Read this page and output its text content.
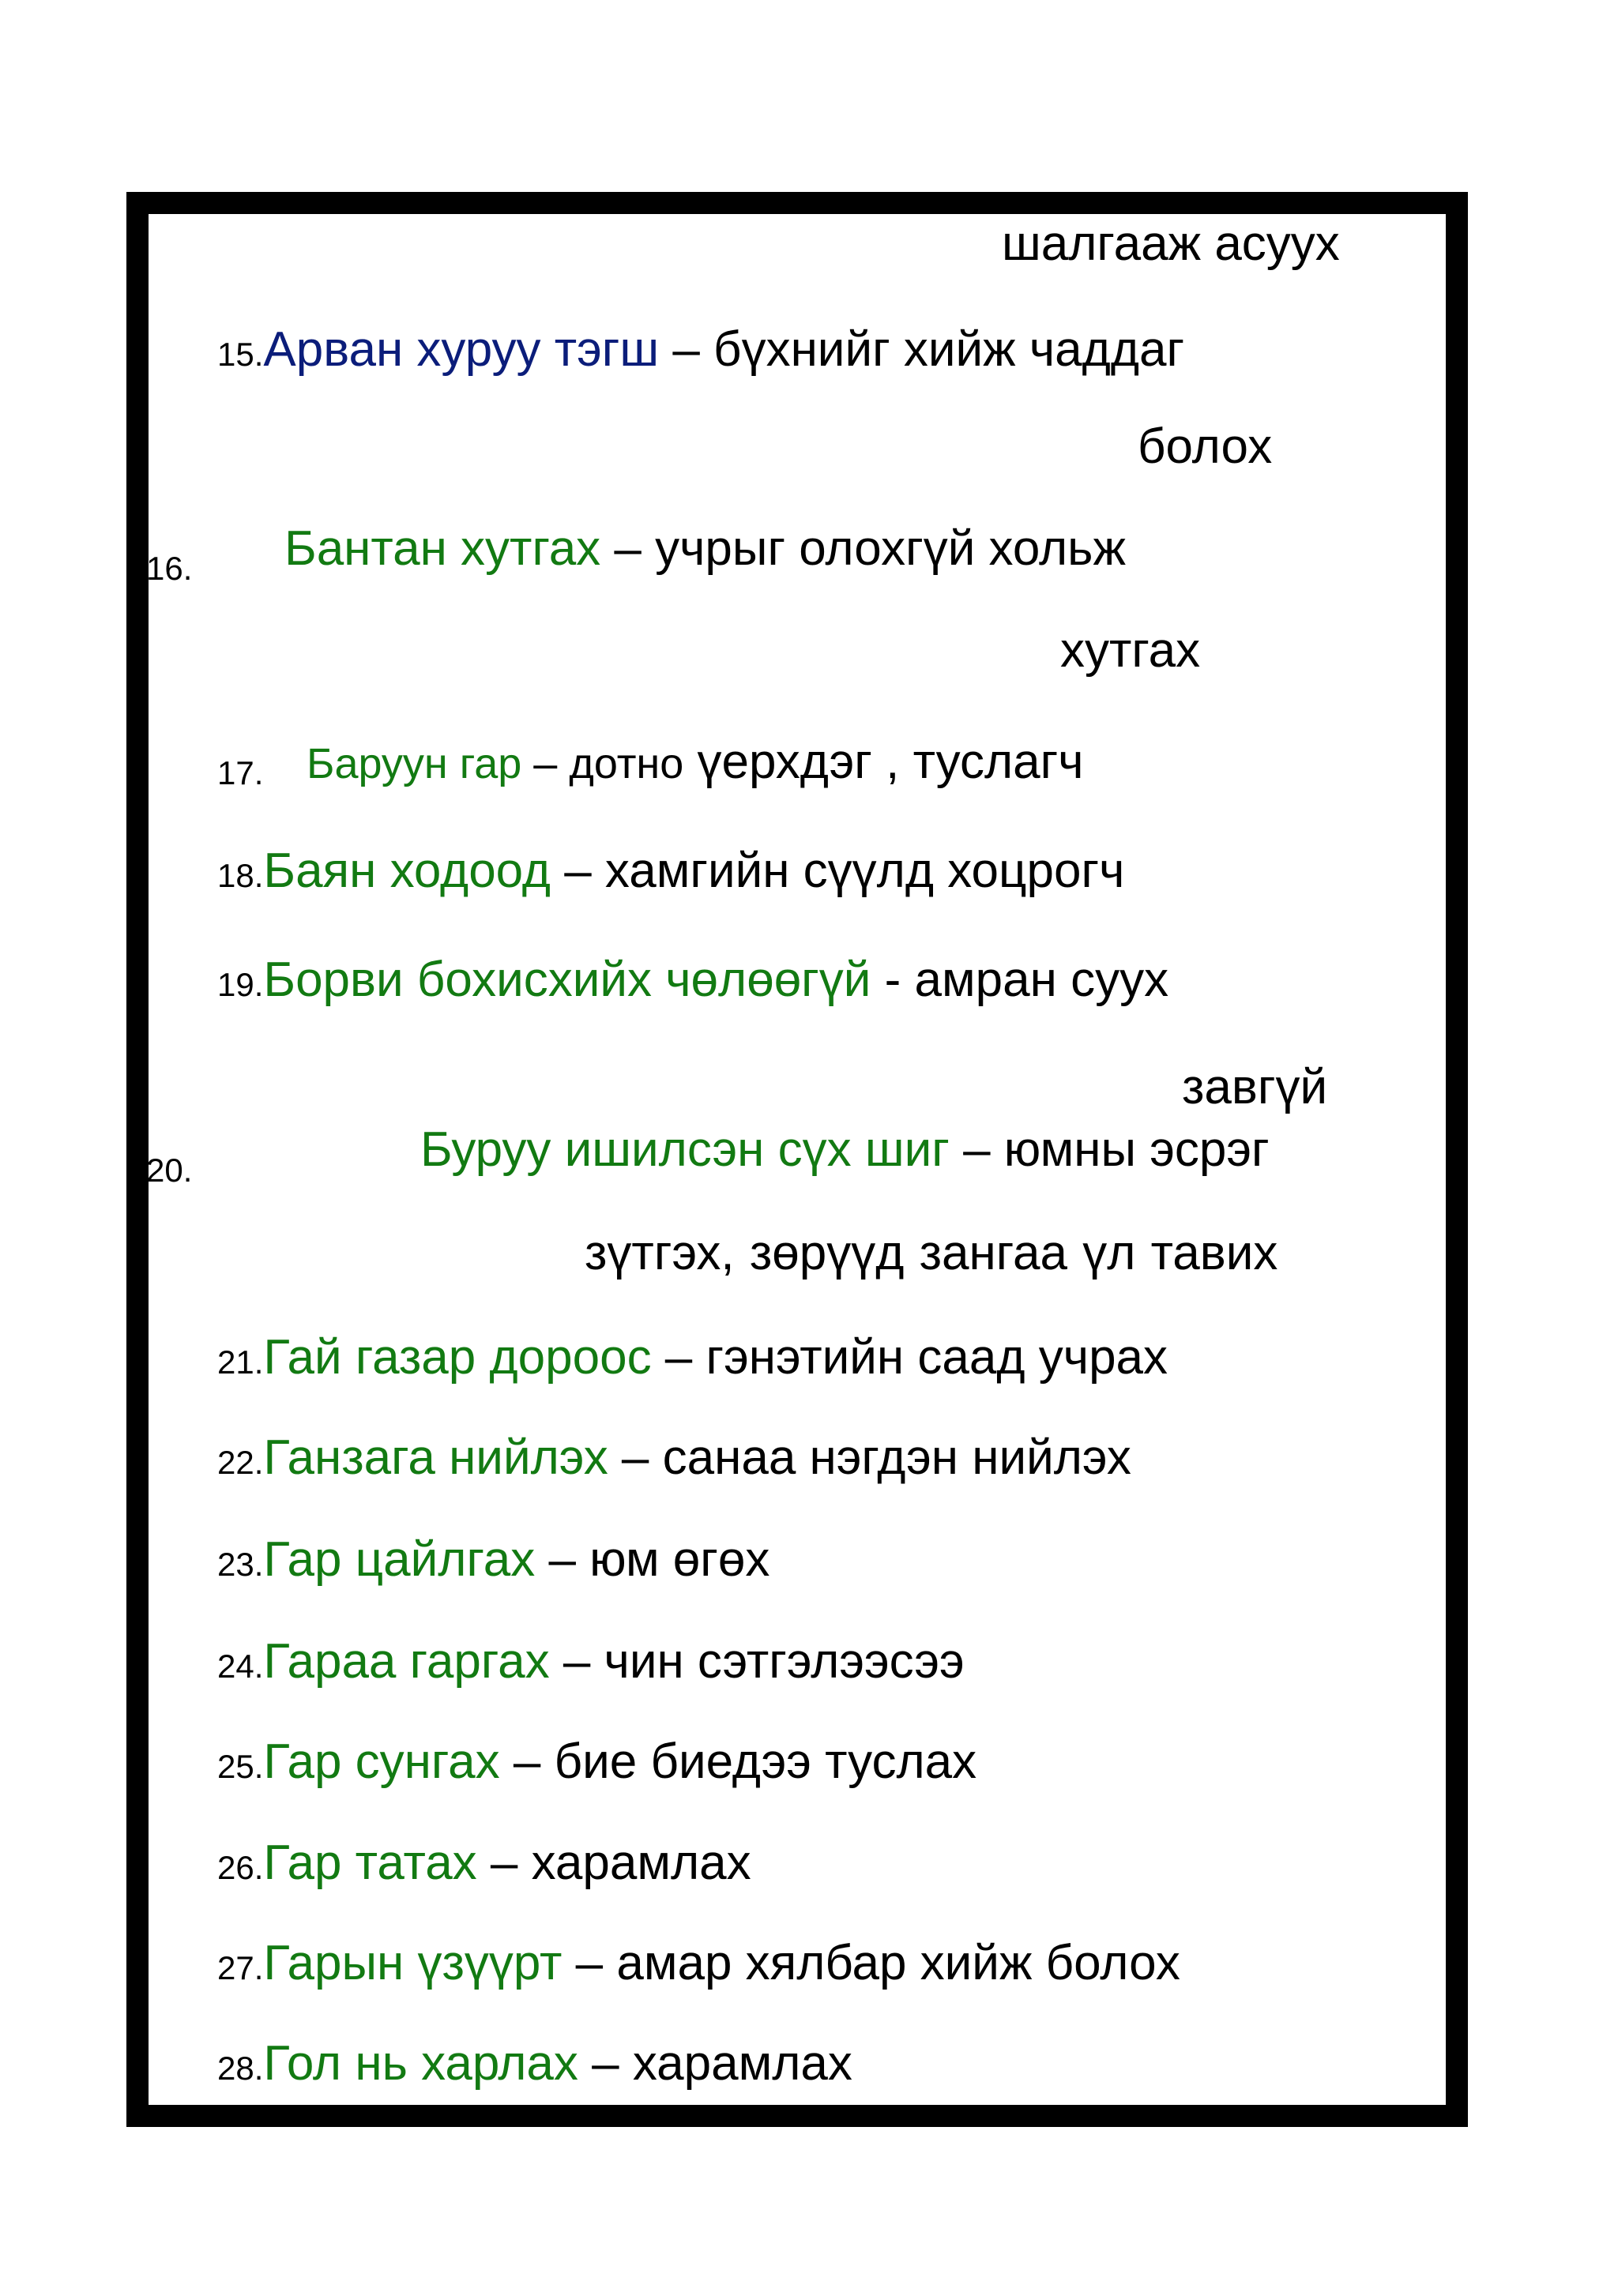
шалгааж асуух
15.Арван хуруу тэгш – бүхнийг хийж чаддаг
болох
16. Бантан хутгах – учрыг олохгүй хольж
хутгах
17. Баруун гар – дотно үерхдэг , туслагч
18.Баян ходоод – хамгийн сүүлд хоцрогч
19.Борви бохисхийх чөлөөгүй - амран суух
завгүй
20.	Буруу ишилсэн сүх шиг – юмны эсрэг
зүтгэх, зөрүүд зангаа үл тавих
21.Гай газар дороос – гэнэтийн саад учрах
22.Ганзага нийлэх – санаа нэгдэн нийлэх
23.Гар цайлгах – юм өгөх
24.Гараа гаргах – чин сэтгэлээсээ
25.Гар сунгах – бие биедээ туслах
26.Гар татах – харамлах
27.Гарын үзүүрт – амар хялбар хийж болох
28.Гол нь харлах – харамлах
